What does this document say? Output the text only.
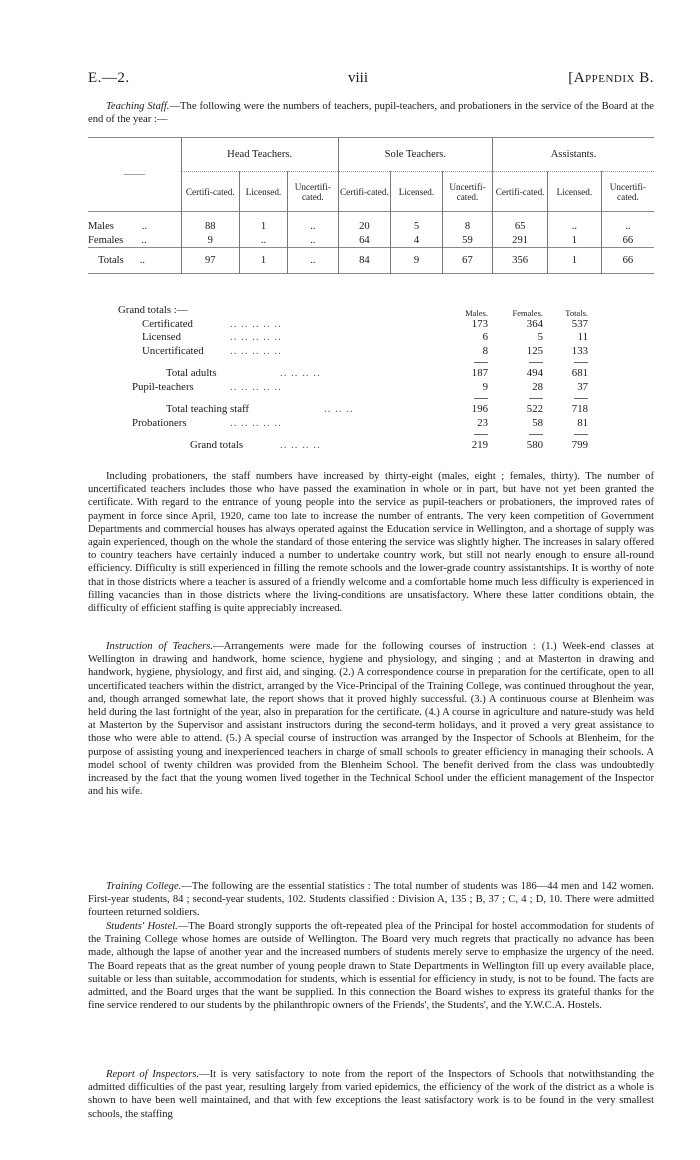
E.—2.	viii	[Appendix B.

Teaching Staff.—The following were the numbers of teachers, pupil-teachers, and probationers in the service of the Board at the end of the year :—

——	Head Teachers.			Sole Teachers.			Assistants.		
	Certifi-cated.	Licensed.	Uncertifi-cated.	Certifi-cated.	Licensed.	Uncertifi-cated.	Certifi-cated.	Licensed.	Uncertifi-cated.

Males ..	88	1	..	20	5	8	65	..	..
Females ..	9	..	..	64	4	59	291	1	66
Totals ..	97	1	..	84	9	67	356	1	66
Grand totals :—	Males.	Females.	Totals.
Certificated	.. .. .. .. ..	173	364	537
Licensed	.. .. .. .. ..	6	5	11
Uncertificated .. .. .. .. ..	8	125	133
Total adults	.. .. .. ..	187	494	681
Pupil-teachers	.. .. .. .. ..	9	28	37
Total teaching staff	.. .. ..	196	522	718
Probationers	.. .. .. .. ..	23	58	81
Grand totals	.. .. .. ..	219	580	799

Including probationers, the staff numbers have increased by thirty-eight (males, eight ; females, thirty). The number of uncertificated teachers includes those who have passed the examination in whole or in part, but have not yet been granted the certificate. With regard to the entrance of young people into the service as pupil-teachers or probationers, the improved rates of payment in force since April, 1920, came too late to increase the number of entrants. The very keen competition of Government Departments and commercial houses has always operated against the Education service in Wellington, and a shortage of supply was again experienced, though on the whole the standard of those entering the service was slightly higher. The increases in salary offered to country teachers have certainly induced a number to undertake country work, but still not nearly enough to ensure all-round efficiency. Difficulty is still experienced in filling the remote schools and the lower-grade country assistantships. It is worthy of note that in those districts where a teacher is assured of a friendly welcome and a comfortable home much less difficulty is experienced in filling vacancies than in those districts where the living-conditions are unsatisfactory. Where these latter conditions obtain, the difficulty of efficient staffing is quite appreciably increased.

Instruction of Teachers.—Arrangements were made for the following courses of instruction : (1.) Week-end classes at Wellington in drawing and handwork, home science, hygiene and physiology, and singing ; and at Masterton in drawing and handwork, hygiene, physiology, and first aid, and singing. (2.) A correspondence course in preparation for the certificate, open to all uncertificated teachers within the district, arranged by the Vice-Principal of the Training College, was continued throughout the year, and, though arranged somewhat late, the report shows that it proved highly successful. (3.) A continuous course at Blenheim was held during the last fortnight of the year, also in preparation for the certificate. (4.) A course in agriculture and nature-study was held at Masterton by the Supervisor and assistant instructors during the second-term holidays, and it proved a very great assistance to those who were able to attend. (5.) A special course of instruction was arranged by the Inspector of Schools at Blenheim, for the purpose of assisting young and inexperienced teachers in charge of small schools to greater efficiency in managing their schools. A model school of twenty children was provided from the Blenheim School. The benefit derived from the class was undoubtedly increased by the fact that the young women lived together in the Technical School under the efficient management of the Inspector and his wife.

Training College.—The following are the essential statistics : The total number of students was 186—44 men and 142 women. First-year students, 84 ; second-year students, 102. Students classified : Division A, 135 ; B, 37 ; C, 4 ; D, 10. There were admitted fourteen returned soldiers.

Students' Hostel.—The Board strongly supports the oft-repeated plea of the Principal for hostel accommodation for students of the Training College whose homes are outside of Wellington. The Board very much regrets that practically no advance has been made, although the lapse of another year and the increased numbers of students merely serve to emphasize the urgency of the need. The Board repeats that as the great number of young people drawn to State Departments in Wellington fill up every available place, suitable or less than suitable, accommodation for students, which is essential for efficiency in study, is not to be found. The facts are admitted, and the Board urges that the want be supplied. In this connection the Board wishes to express its grateful thanks for the fine service rendered to our students by the philanthropic owners of the Friends', the Students', and the Y.W.C.A. Hostels.

Report of Inspectors.—It is very satisfactory to note from the report of the Inspectors of Schools that notwithstanding the admitted difficulties of the past year, resulting largely from varied epidemics, the efficiency of the work of the district as a whole is shown to have been well maintained, and that with few exceptions the least satisfactory work is to be found in the very smallest schools, the staffing
